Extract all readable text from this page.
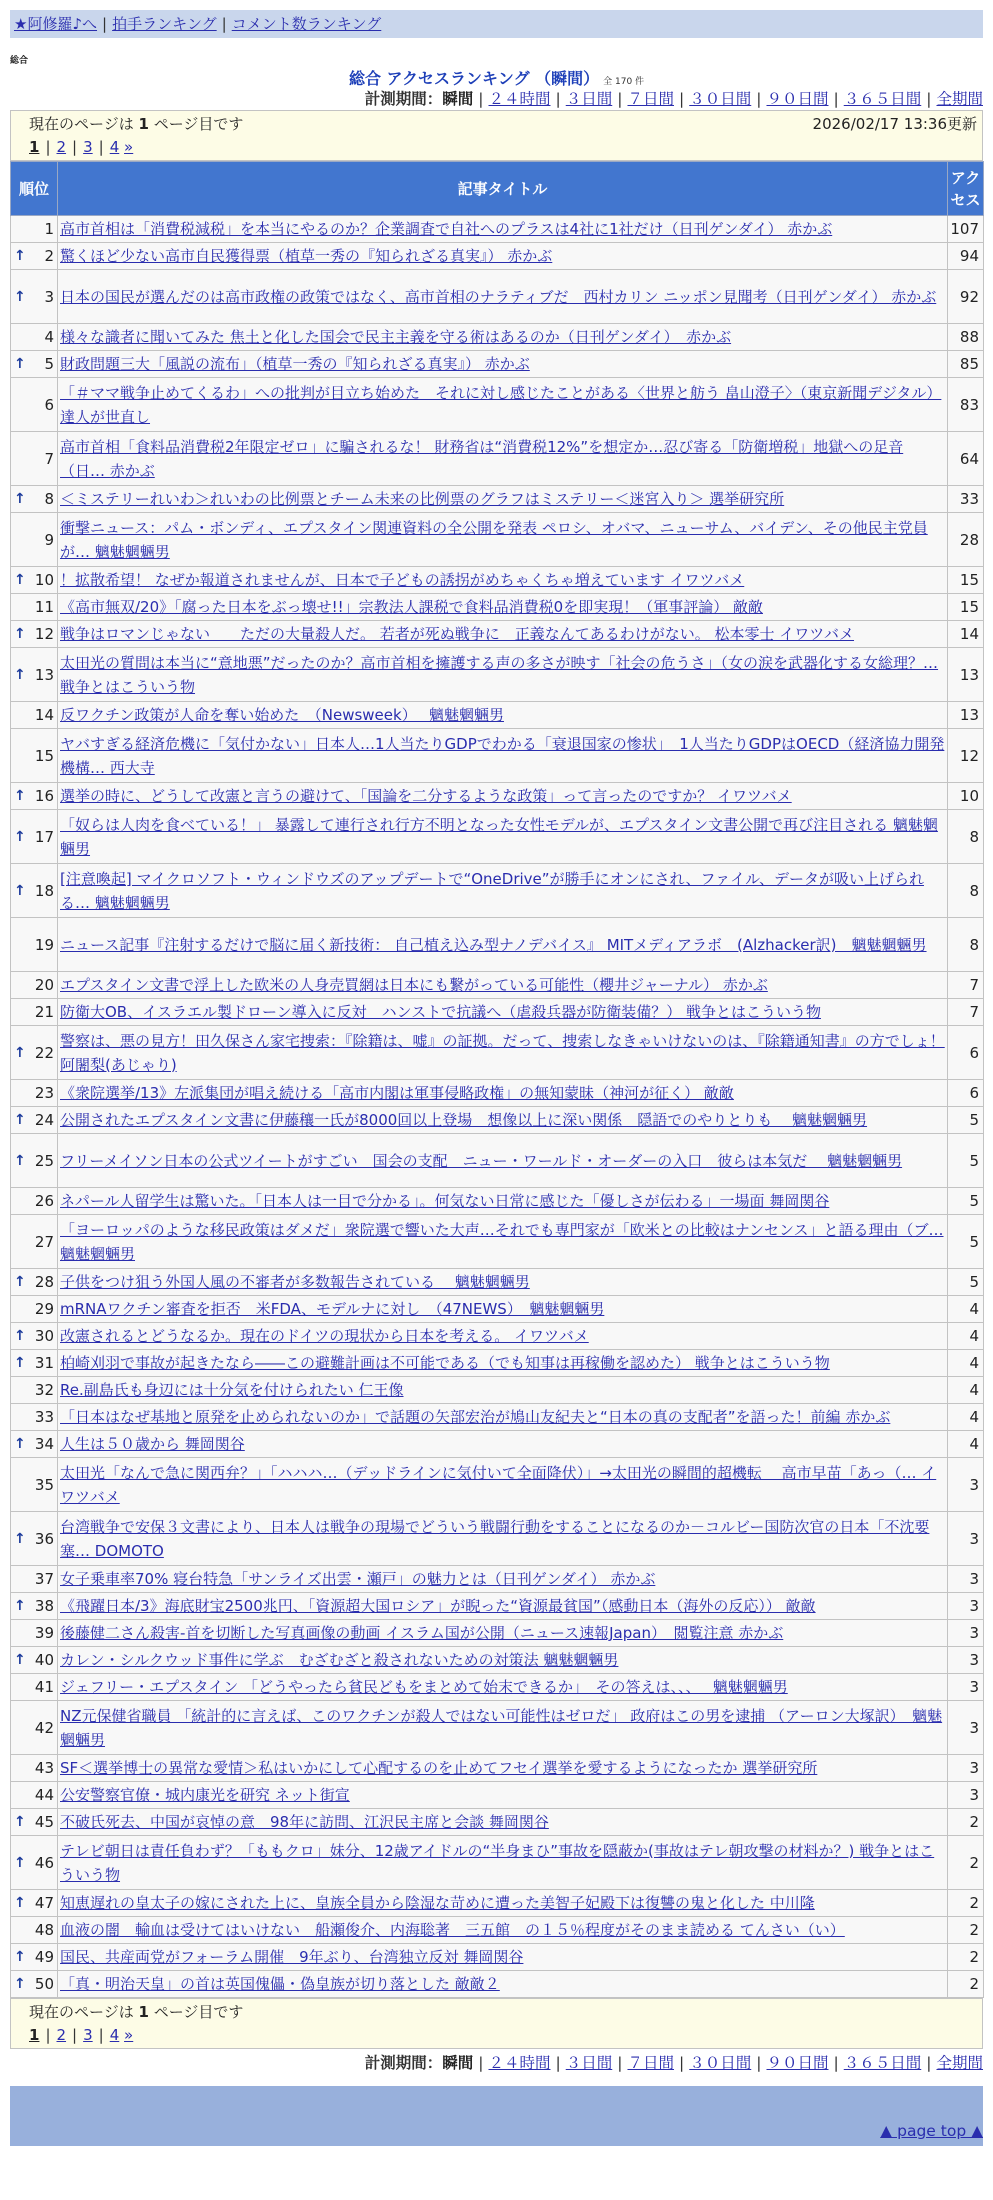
★阿修羅♪へ | 拍手ランキング | コメント数ランキング
総合
総合 アクセスランキング （瞬間） 全 170 件
計測期間：瞬間 | ２４時間 | ３日間 | ７日間 | ３０日間 | ９０日間 | ３６５日間 | 全期間
現在のページは 1 ページ目です	2026/02/17 13:36更新
1 | 2 | 3 | 4 »
順位	記事タイトル	アクセス
1	高市首相は「消費税減税」を本当にやるのか？企業調査で自社へのプラスは4社に1社だけ（日刊ゲンダイ） 赤かぶ	107

↑ 2	驚くほど少ない高市自民獲得票（植草一秀の『知られざる真実』） 赤かぶ	94

↑ 3	日本の国民が選んだのは高市政権の政策ではなく、高市首相のナラティブだ　西村カリン ニッポン見聞考（日刊ゲンダイ） 赤かぶ	92
4	様々な識者に聞いてみた 焦土と化した国会で民主主義を守る術はあるのか（日刊ゲンダイ）　赤かぶ	88

↑ 5	財政問題三大「風説の流布」（植草一秀の『知られざる真実』） 赤かぶ	85
6	「＃ママ戦争止めてくるわ」への批判が目立ち始めた　それに対し感じたことがある〈世界と舫う 畠山澄子〉（東京新聞デジタル） 達人が世直し	83
7	高市首相「食料品消費税2年限定ゼロ」に騙されるな！ 財務省は“消費税12%”を想定か…忍び寄る「防衛増税」地獄への足音（日… 赤かぶ	64

↑ 8	＜ミステリーれいわ＞れいわの比例票とチーム未来の比例票のグラフはミステリー＜迷宮入り＞ 選挙研究所	33
9	衝撃ニュース：パム・ボンディ、エプスタイン関連資料の全公開を発表 ペロシ、オバマ、ニューサム、バイデン、その他民主党員が… 魑魅魍魎男	28

↑ 10	！拡散希望！ なぜか報道されませんが、日本で子どもの誘拐がめちゃくちゃ増えています イワツバメ	15
11	《高市無双/20》「腐った日本をぶっ壊せ!!」宗教法人課税で食料品消費税0を即実現！（軍事評論） 敵敵	15

↑ 12	戦争はロマンじゃない　　ただの大量殺人だ。 若者が死ぬ戦争に　正義なんてあるわけがない。 松本零士 イワツバメ	14

↑ 13	太田光の質問は本当に“意地悪”だったのか？高市首相を擁護する声の多さが映す「社会の危うさ」（女の涙を武器化する女総理？… 戦争とはこういう物	13
14	反ワクチン政策が人命を奪い始めた　（Newsweek）　 魑魅魍魎男	13
15	ヤバすぎる経済危機に「気付かない」日本人…1人当たりGDPでわかる「衰退国家の惨状」　1人当たりGDPはOECD（経済協力開発機構… 西大寺	12

↑ 16	選挙の時に、どうして改憲と言うの避けて、「国論を二分するような政策」って言ったのですか？ イワツバメ	10

↑ 17	「奴らは人肉を食べている！」 暴露して連行され行方不明となった女性モデルが、エプスタイン文書公開で再び注目される 魑魅魍魎男	8

↑ 18	[注意喚起] マイクロソフト・ウィンドウズのアップデートで“OneDrive”が勝手にオンにされ、ファイル、データが吸い上げられる… 魑魅魍魎男	8
19	ニュース記事『注射するだけで脳に届く新技術： 自己植え込み型ナノデバイス』 MITメディアラボ　(Alzhacker訳)　魑魅魍魎男	8
20	エプスタイン文書で浮上した欧米の人身売買網は日本にも繋がっている可能性（櫻井ジャーナル） 赤かぶ	7
21	防衛大OB、イスラエル製ドローン導入に反対　ハンストで抗議へ（虐殺兵器が防衛装備？） 戦争とはこういう物	7

↑ 22	警察は、悪の見方！田久保さん家宅捜索：『除籍は、嘘』の証拠。だって、捜索しなきゃいけないのは、『除籍通知書』の方でしょ！ 阿闍梨(あじゃり)	6
23	《衆院選挙/13》左派集団が唱え続ける「高市内閣は軍事侵略政権」の無知蒙昧（神河が征く） 敵敵	6

↑ 24	公開されたエプスタイン文書に伊藤穰一氏が8000回以上登場　想像以上に深い関係　隠語でのやりとりも　 魑魅魍魎男	5

↑ 25	フリーメイソン日本の公式ツイートがすごい　国会の支配　ニュー・ワールド・オーダーの入口　彼らは本気だ　 魑魅魍魎男	5
26	ネパール人留学生は驚いた。「日本人は一目で分かる」。何気ない日常に感じた「優しさが伝わる」一場面 舞岡関谷	5
27	「ヨーロッパのような移民政策はダメだ」衆院選で響いた大声…それでも専門家が「欧米との比較はナンセンス」と語る理由（ブ… 魑魅魍魎男	5

↑ 28	子供をつけ狙う外国人風の不審者が多数報告されている　 魑魅魍魎男	5
29	mRNAワクチン審査を拒否　米FDA、モデルナに対し　（47NEWS）　魑魅魍魎男	4

↑ 30	改憲されるとどうなるか。現在のドイツの現状から日本を考える。 イワツバメ	4

↑ 31	柏崎刈羽で事故が起きたなら――この避難計画は不可能である（でも知事は再稼働を認めた） 戦争とはこういう物	4
32	Re.副島氏も身辺には十分気を付けられたい 仁王像	4
33	「日本はなぜ基地と原発を止められないのか」で話題の矢部宏治が鳩山友紀夫と“日本の真の支配者”を語った！前編 赤かぶ	4

↑ 34	人生は５０歳から 舞岡関谷	4
35	太田光「なんで急に関西弁？」「ハハハ…（デッドラインに気付いて全面降伏）」→太田光の瞬間的超機転　 高市早苗「あっ（… イワツバメ	3

↑ 36	台湾戦争で安保３文書により、日本人は戦争の現場でどういう戦闘行動をすることになるのか－コルビー国防次官の日本「不沈要塞… DOMOTO	3
37	女子乗車率70% 寝台特急「サンライズ出雲・瀬戸」の魅力とは（日刊ゲンダイ） 赤かぶ	3

↑ 38	《飛躍日本/3》海底財宝2500兆円、「資源超大国ロシア」が睨った“資源最貧国”（感動日本（海外の反応）） 敵敵	3
39	後藤健二さん殺害-首を切断した写真画像の動画 イスラム国が公開（ニュース速報Japan）　閲覧注意 赤かぶ	3

↑ 40	カレン・シルクウッド事件に学ぶ　むざむざと殺されないための対策法 魑魅魍魎男	3
41	ジェフリー・エプスタイン 「どうやったら貧民どもをまとめて始末できるか」　その答えは、、、　 魑魅魍魎男	3
42	NZ元保健省職員 「統計的に言えば、このワクチンが殺人ではない可能性はゼロだ」 政府はこの男を逮捕 （アーロン大塚訳）　魑魅魍魎男	3
43	SF＜選挙博士の異常な愛情＞私はいかにして心配するのを止めてフセイ選挙を愛するようになったか 選挙研究所	3
44	公安警察官僚・城内康光を研究 ネット街宣	3

↑ 45	不破氏死去、中国が哀悼の意　98年に訪問、江沢民主席と会談 舞岡関谷	2

↑ 46	テレビ朝日は責任負わず？「ももクロ」妹分、12歳アイドルの“半身まひ”事故を隠蔽か(事故はテレ朝攻撃の材料か？) 戦争とはこういう物	2

↑ 47	知恵遅れの皇太子の嫁にされた上に、皇族全員から陰湿な苛めに遭った美智子妃殿下は復讐の鬼と化した 中川隆	2
48	血液の闇　輸血は受けてはいけない　船瀬俊介、内海聡著　三五館　の１５％程度がそのまま読める てんさい（い）	2

↑ 49	国民、共産両党がフォーラム開催　9年ぶり、台湾独立反対 舞岡関谷	2

↑ 50	「真・明治天皇」の首は英国傀儡・偽皇族が切り落とした 敵敵２	2
現在のページは 1 ページ目です
1 | 2 | 3 | 4 »
計測期間：瞬間 | ２４時間 | ３日間 | ７日間 | ３０日間 | ９０日間 | ３６５日間 | 全期間
▲ page top ▲
